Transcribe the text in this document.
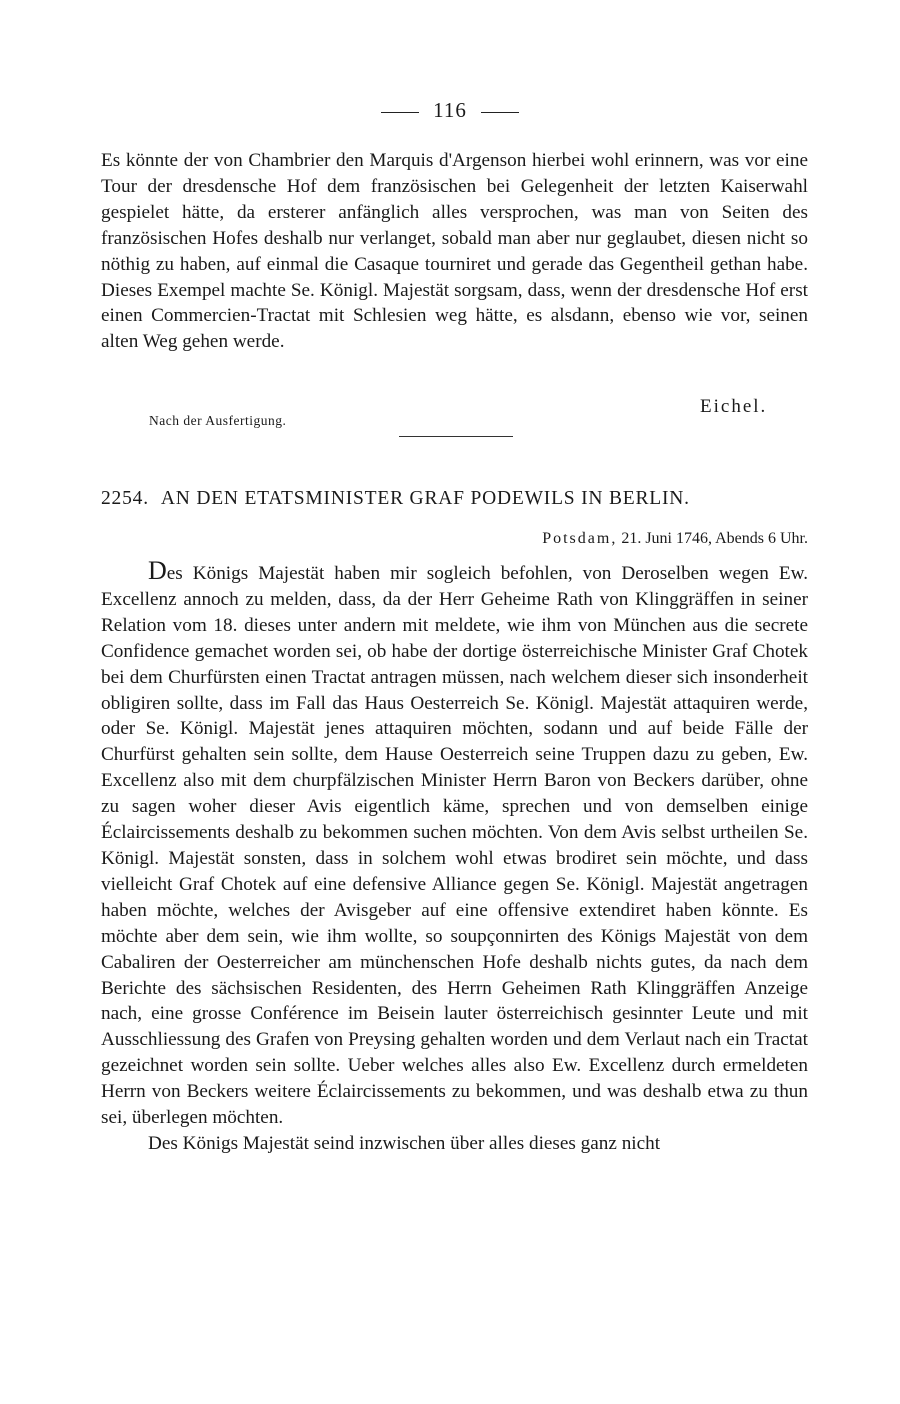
116

Es könnte der von Chambrier den Marquis d'Argenson hierbei wohl erinnern, was vor eine Tour der dresdensche Hof dem französischen bei Gelegenheit der letzten Kaiserwahl gespielet hätte, da ersterer anfänglich alles versprochen, was man von Seiten des französischen Hofes deshalb nur verlanget, sobald man aber nur geglaubet, diesen nicht so nöthig zu haben, auf einmal die Casaque tourniret und gerade das Gegentheil gethan habe. Dieses Exempel machte Se. Königl. Majestät sorgsam, dass, wenn der dresdensche Hof erst einen Commercien-Tractat mit Schlesien weg hätte, es alsdann, ebenso wie vor, seinen alten Weg gehen werde.

Eichel.
Nach der Ausfertigung.
2254. AN DEN ETATSMINISTER GRAF PODEWILS IN BERLIN.
Potsdam, 21. Juni 1746, Abends 6 Uhr.

Des Königs Majestät haben mir sogleich befohlen, von Deroselben wegen Ew. Excellenz annoch zu melden, dass, da der Herr Geheime Rath von Klinggräffen in seiner Relation vom 18. dieses unter andern mit meldete, wie ihm von München aus die secrete Confidence gemachet worden sei, ob habe der dortige österreichische Minister Graf Chotek bei dem Churfürsten einen Tractat antragen müssen, nach welchem dieser sich insonderheit obligiren sollte, dass im Fall das Haus Oesterreich Se. Königl. Majestät attaquiren werde, oder Se. Königl. Majestät jenes attaquiren möchten, sodann und auf beide Fälle der Churfürst gehalten sein sollte, dem Hause Oesterreich seine Truppen dazu zu geben, Ew. Excellenz also mit dem churpfälzischen Minister Herrn Baron von Beckers darüber, ohne zu sagen woher dieser Avis eigentlich käme, sprechen und von demselben einige Éclaircissements deshalb zu bekommen suchen möchten. Von dem Avis selbst urtheilen Se. Königl. Majestät sonsten, dass in solchem wohl etwas brodiret sein möchte, und dass vielleicht Graf Chotek auf eine defensive Alliance gegen Se. Königl. Majestät angetragen haben möchte, welches der Avisgeber auf eine offensive extendiret haben könnte. Es möchte aber dem sein, wie ihm wollte, so soupçonnirten des Königs Majestät von dem Cabaliren der Oesterreicher am münchenschen Hofe deshalb nichts gutes, da nach dem Berichte des sächsischen Residenten, des Herrn Geheimen Rath Klinggräffen Anzeige nach, eine grosse Conférence im Beisein lauter österreichisch gesinnter Leute und mit Ausschliessung des Grafen von Preysing gehalten worden und dem Verlaut nach ein Tractat gezeichnet worden sein sollte. Ueber welches alles also Ew. Excellenz durch ermeldeten Herrn von Beckers weitere Éclaircissements zu bekommen, und was deshalb etwa zu thun sei, überlegen möchten.

Des Königs Majestät seind inzwischen über alles dieses ganz nicht
